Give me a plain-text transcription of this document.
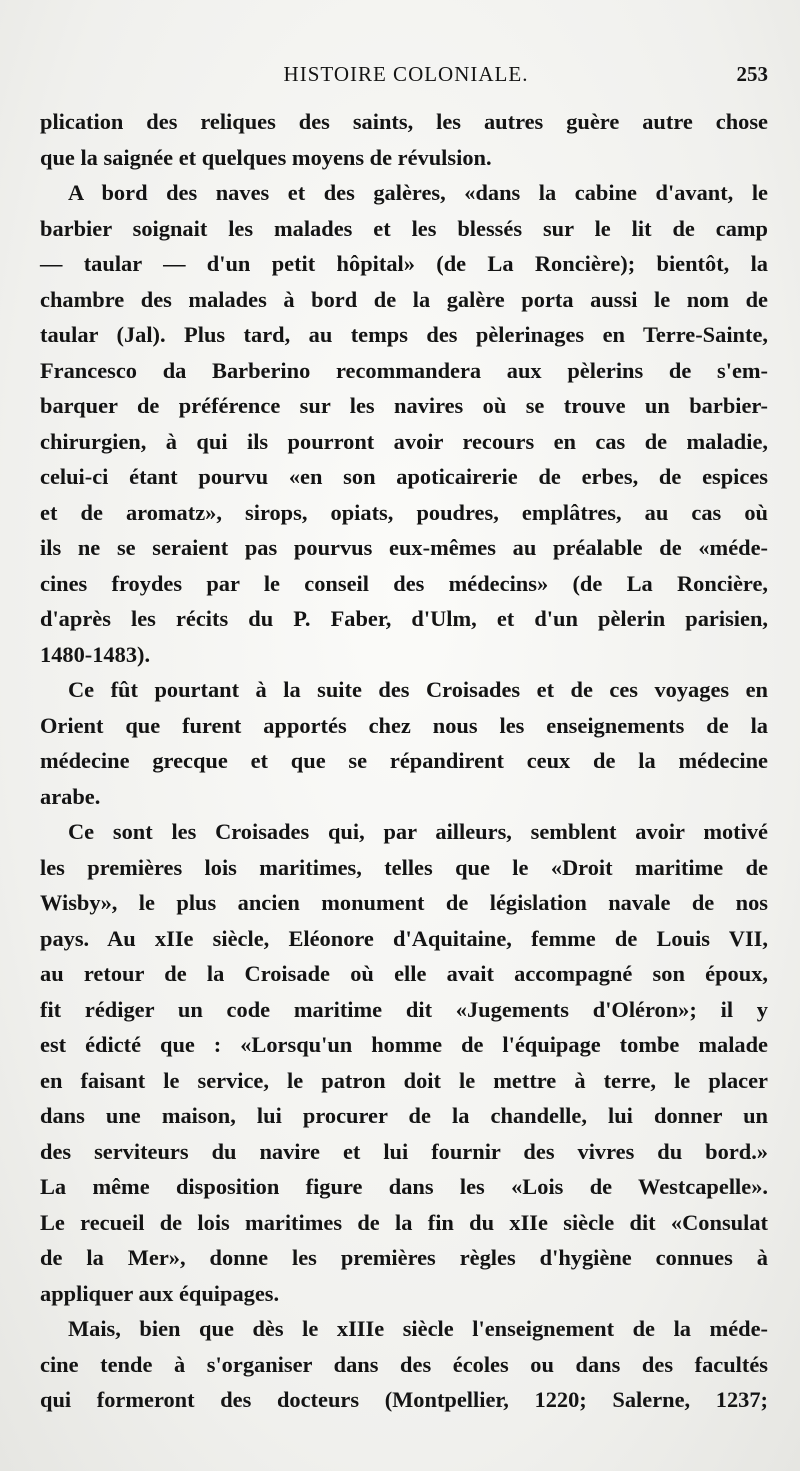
HISTOIRE COLONIALE.	253
plication des reliques des saints, les autres guère autre chose
que la saignée et quelques moyens de révulsion.
A bord des naves et des galères, «dans la cabine d'avant, le
barbier soignait les malades et les blessés sur le lit de camp
— taular — d'un petit hôpital» (de La Roncière); bientôt, la
chambre des malades à bord de la galère porta aussi le nom de
taular (Jal). Plus tard, au temps des pèlerinages en Terre-Sainte,
Francesco da Barberino recommandera aux pèlerins de s'em-
barquer de préférence sur les navires où se trouve un barbier-
chirurgien, à qui ils pourront avoir recours en cas de maladie,
celui-ci étant pourvu «en son apoticairerie de erbes, de espices
et de aromatz», sirops, opiats, poudres, emplâtres, au cas où
ils ne se seraient pas pourvus eux-mêmes au préalable de «méde-
cines froydes par le conseil des médecins» (de La Roncière,
d'après les récits du P. Faber, d'Ulm, et d'un pèlerin parisien,
1480-1483).
Ce fût pourtant à la suite des Croisades et de ces voyages en
Orient que furent apportés chez nous les enseignements de la
médecine grecque et que se répandirent ceux de la médecine
arabe.
Ce sont les Croisades qui, par ailleurs, semblent avoir motivé
les premières lois maritimes, telles que le «Droit maritime de
Wisby», le plus ancien monument de législation navale de nos
pays. Au xIIe siècle, Eléonore d'Aquitaine, femme de Louis VII,
au retour de la Croisade où elle avait accompagné son époux,
fit rédiger un code maritime dit «Jugements d'Oléron»; il y
est édicté que : «Lorsqu'un homme de l'équipage tombe malade
en faisant le service, le patron doit le mettre à terre, le placer
dans une maison, lui procurer de la chandelle, lui donner un
des serviteurs du navire et lui fournir des vivres du bord.»
La même disposition figure dans les «Lois de Westcapelle».
Le recueil de lois maritimes de la fin du xIIe siècle dit «Consulat
de la Mer», donne les premières règles d'hygiène connues à
appliquer aux équipages.
Mais, bien que dès le xIIIe siècle l'enseignement de la méde-
cine tende à s'organiser dans des écoles ou dans des facultés
qui formeront des docteurs (Montpellier, 1220; Salerne, 1237;
